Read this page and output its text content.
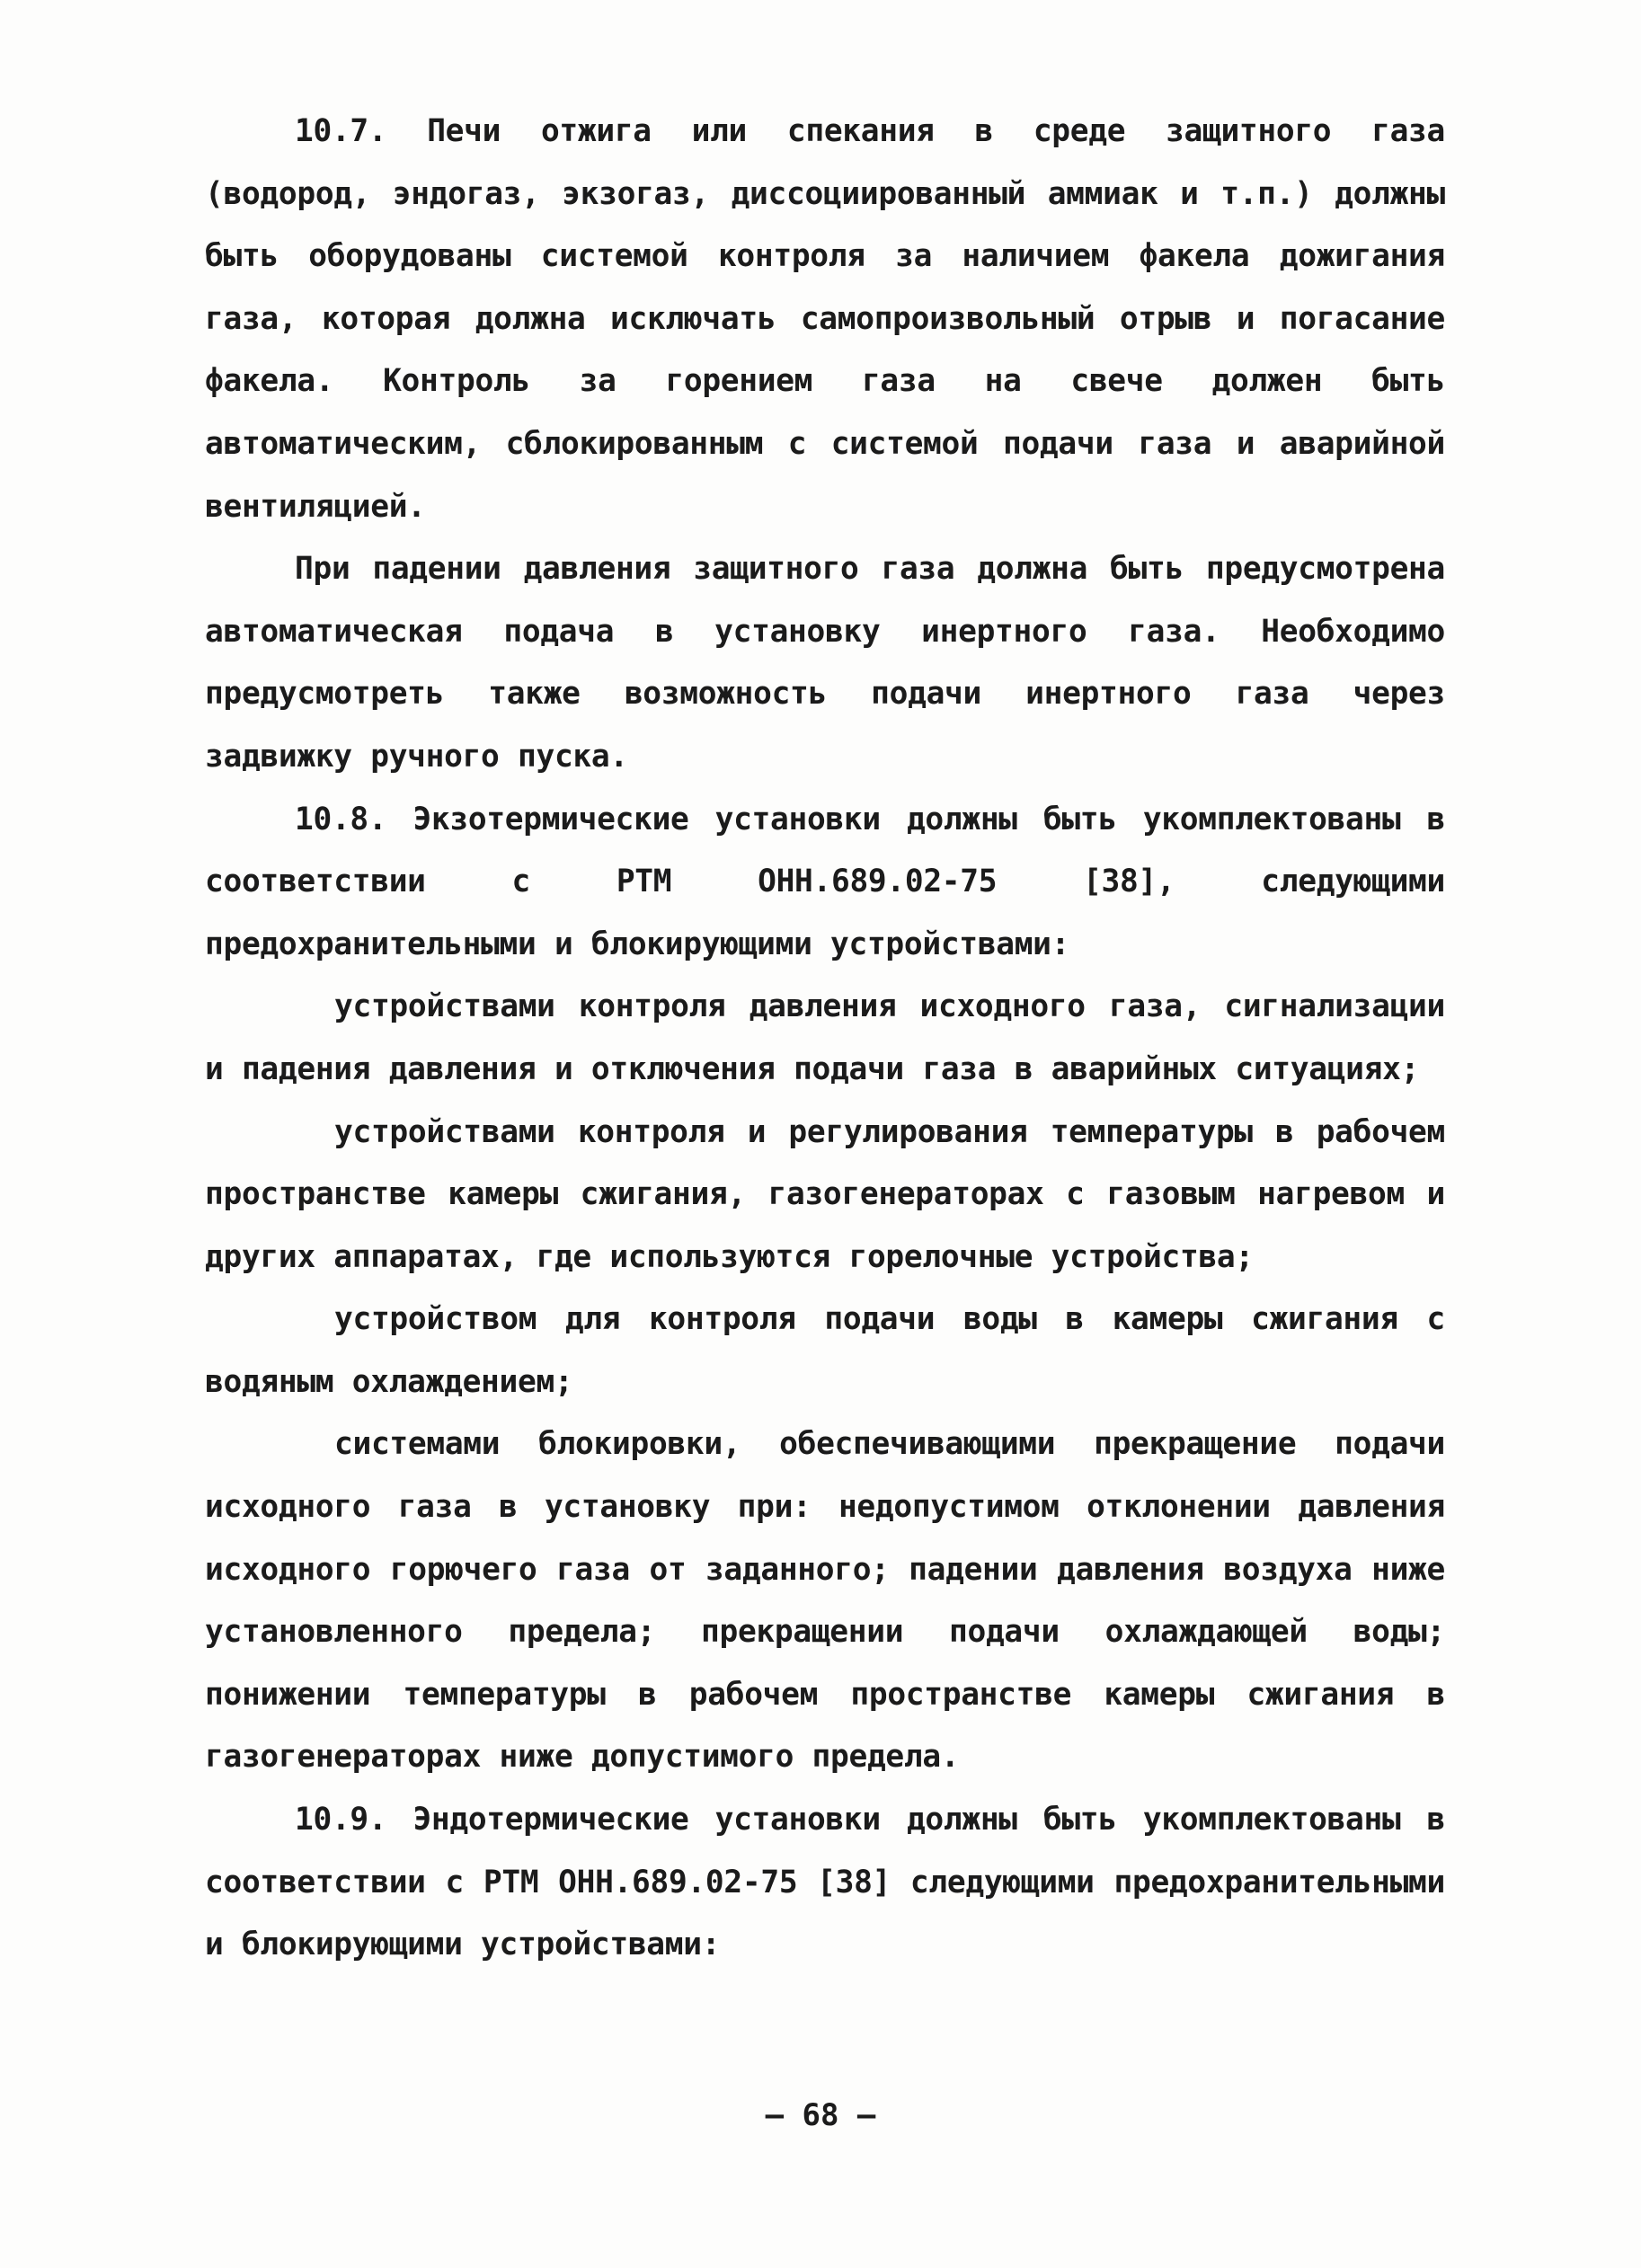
10.7. Печи отжига или спекания в среде защитного газа (водород, эндогаз, экзогаз, диссоциированный аммиак и т.п.) должны быть оборудованы системой контроля за наличием факела дожигания газа, которая должна исключать самопроизвольный отрыв и погасание факела. Контроль за горением газа на свече должен быть автоматическим, сблокированным с системой подачи газа и аварийной вентиляцией.

При падении давления защитного газа должна быть предусмотрена автоматическая подача в установку инертного газа. Необходимо предусмотреть также возможность подачи инертного газа через задвижку ручного пуска.

10.8. Экзотермические установки должны быть укомплектованы в соответствии с РТМ ОНН.689.02-75 [38], следующими предохранительными и блокирующими устройствами:

устройствами контроля давления исходного газа, сигнализации и падения давления и отключения подачи газа в аварийных ситуациях;

устройствами контроля и регулирования температуры в рабочем пространстве камеры сжигания, газогенераторах с газовым нагревом и других аппаратах, где используются горелочные устройства;

устройством для контроля подачи воды в камеры сжигания с водяным охлаждением;

системами блокировки, обеспечивающими прекращение подачи исходного газа в установку при: недопустимом отклонении давления исходного горючего газа от заданного; падении давления воздуха ниже установленного предела; прекращении подачи охлаждающей воды; понижении температуры в рабочем пространстве камеры сжигания в газогенераторах ниже допустимого предела.

10.9. Эндотермические установки должны быть укомплектованы в соответствии с РТМ ОНН.689.02-75 [38] следующими предохранительными и блокирующими устройствами:

— 68 —
